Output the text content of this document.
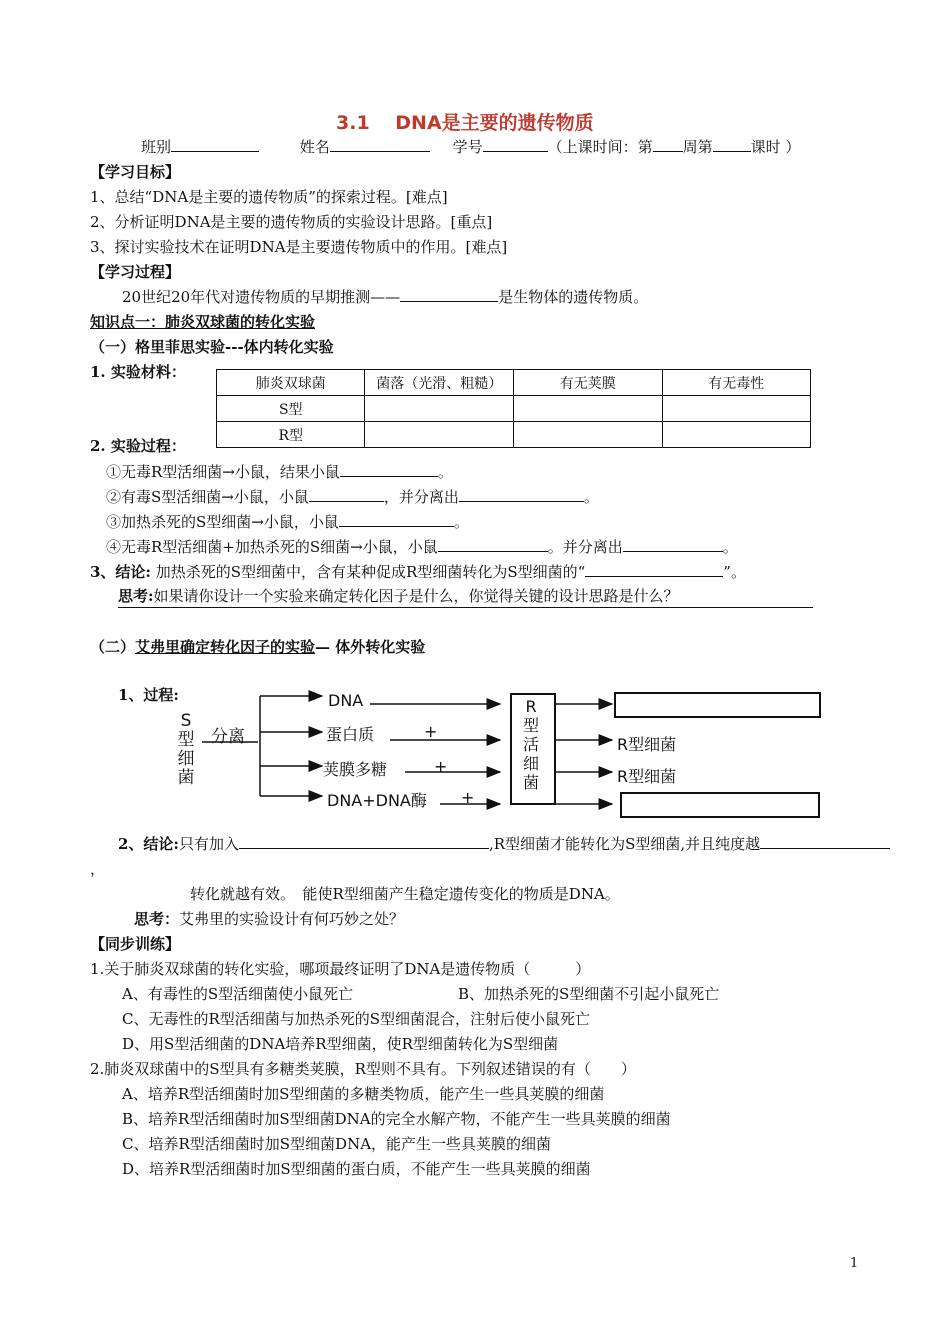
3.1　 DNA是主要的遗传物质
班别	姓名	学号	（上课时间：第 周第	课时 ）
【学习目标】
1、总结“DNA是主要的遗传物质”的探索过程。[难点]
2、分析证明DNA是主要的遗传物质的实验设计思路。[重点]
3、探讨实验技术在证明DNA是主要遗传物质中的作用。[难点]
【学习过程】
20世纪20年代对遗传物质的早期推测——	是生物体的遗传物质。
知识点一：肺炎双球菌的转化实验
（一）格里菲思实验---体内转化实验
1. 实验材料：
肺炎双球菌	菌落（光滑、粗糙）	有无荚膜	有无毒性
S型			
R型			
2. 实验过程：
①无毒R型活细菌→小鼠，结果小鼠	。
②有毒S型活细菌→小鼠，小鼠	，并分离出	。
③加热杀死的S型细菌→小鼠，小鼠	。
④无毒R型活细菌+加热杀死的S细菌→小鼠，小鼠	。并分离出	。
3、结论: 加热杀死的S型细菌中，含有某种促成R型细菌转化为S型细菌的“	”。
思考:如果请你设计一个实验来确定转化因子是什么，你觉得关键的设计思路是什么？
（二）艾弗里确定转化因子的实验— 体外转化实验
1、过程:
S
型
细
菌
分离
DNA
蛋白质	+
荚膜多糖	+
DNA+DNA酶 +
R
型
活
细
菌
R型细菌
R型细菌
2、结论:只有加入	,R型细菌才能转化为S型细菌,并且纯度越
，
转化就越有效。　能使R型细菌产生稳定遗传变化的物质是DNA。
思考：艾弗里的实验设计有何巧妙之处？
【同步训练】
1.关于肺炎双球菌的转化实验，哪项最终证明了DNA是遗传物质（　　　）
A、有毒性的S型活细菌使小鼠死亡	B、加热杀死的S型细菌不引起小鼠死亡
C、无毒性的R型活细菌与加热杀死的S型细菌混合，注射后使小鼠死亡
D、用S型活细菌的DNA培养R型细菌，使R型细菌转化为S型细菌
2.肺炎双球菌中的S型具有多糖类荚膜，R型则不具有。下列叙述错误的有（　　）
A、培养R型活细菌时加S型细菌的多糖类物质，能产生一些具荚膜的细菌
B、培养R型活细菌时加S型细菌DNA的完全水解产物，不能产生一些具荚膜的细菌
C、培养R型活细菌时加S型细菌DNA，能产生一些具荚膜的细菌
D、培养R型活细菌时加S型细菌的蛋白质，不能产生一些具荚膜的细菌
1
